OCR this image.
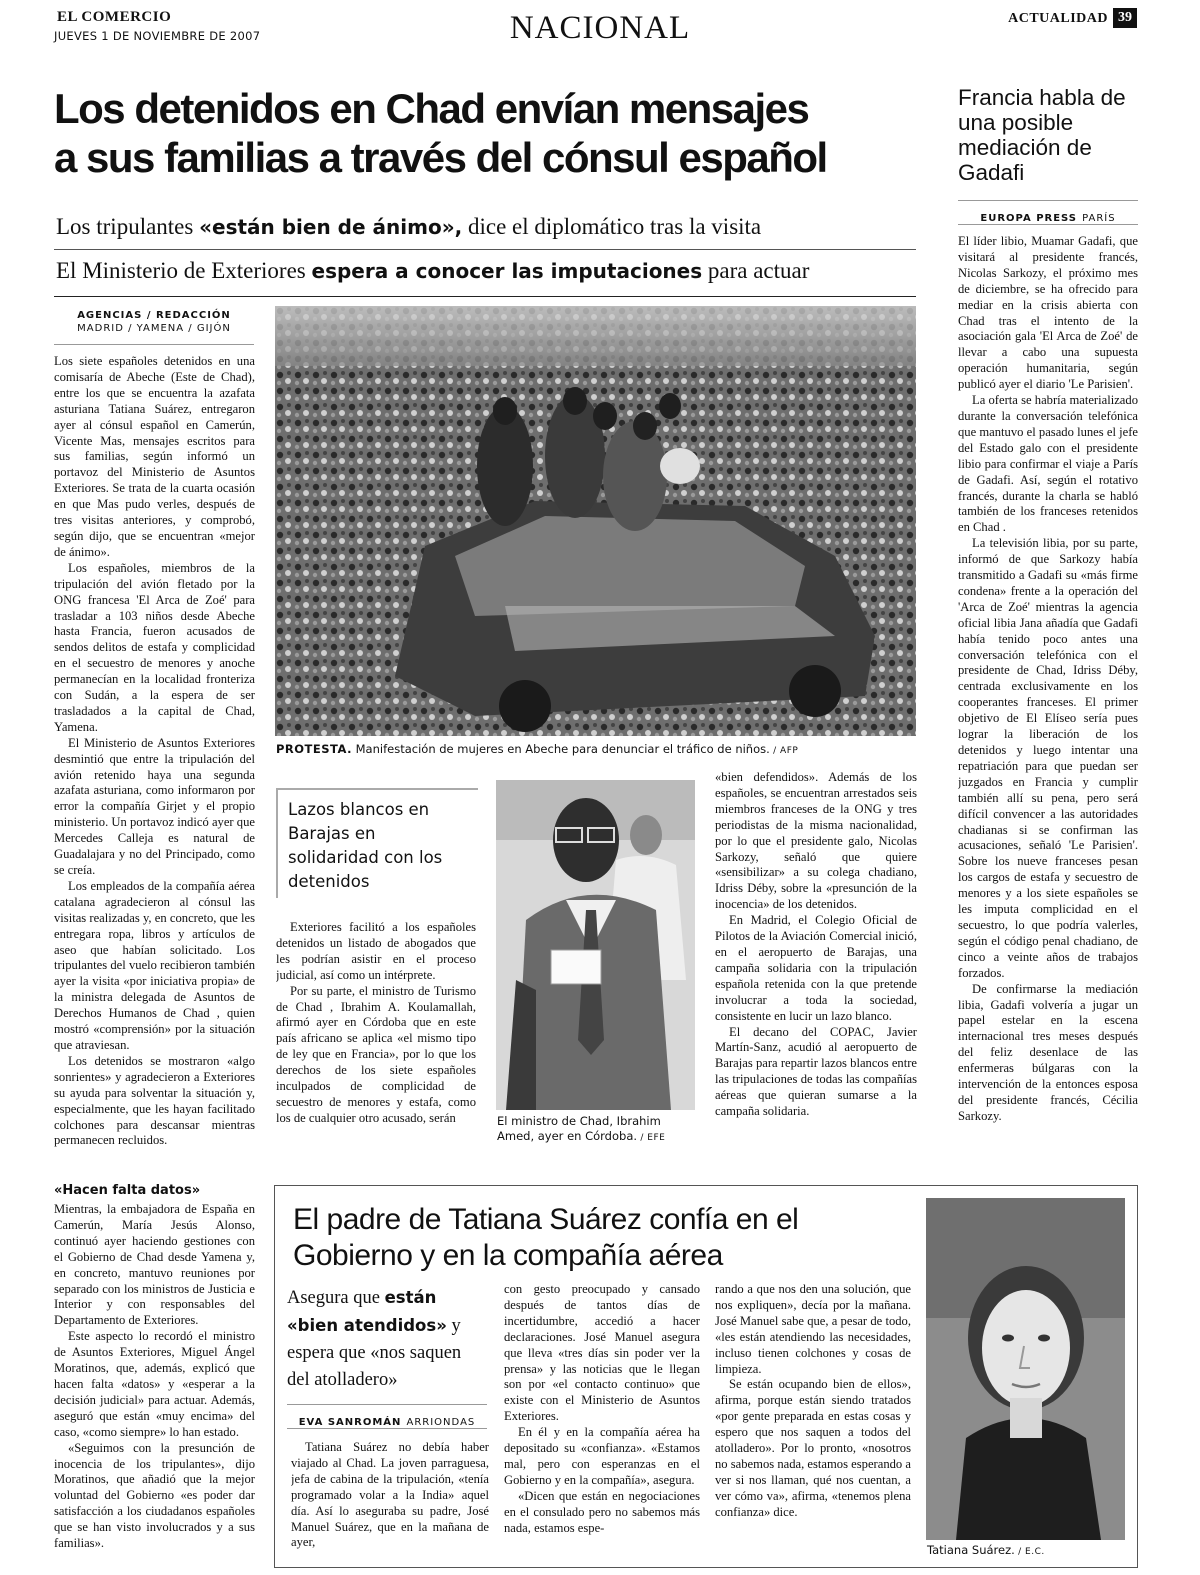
EL COMERCIO
JUEVES 1 DE NOVIEMBRE DE 2007	NACIONAL	ACTUALIDAD 39
Los detenidos en Chad envían mensajes
a sus familias a través del cónsul español
Los tripulantes «están bien de ánimo», dice el diplomático tras la visita
El Ministerio de Exteriores espera a conocer las imputaciones para actuar
AGENCIAS / REDACCIÓN
MADRID / YAMENA / GIJÓN

Los siete españoles detenidos en una comisaría de Abeche (Este de Chad), entre los que se encuentra la azafata asturiana Tatiana Suárez, entregaron ayer al cónsul español en Camerún, Vicente Mas, mensajes escritos para sus familias, según informó un portavoz del Ministerio de Asuntos Exteriores. Se trata de la cuarta ocasión en que Mas pudo verles, después de tres visitas anteriores, y comprobó, según dijo, que se encuentran «mejor de ánimo».

Los españoles, miembros de la tripulación del avión fletado por la ONG francesa 'El Arca de Zoé' para trasladar a 103 niños desde Abeche hasta Francia, fueron acusados de sendos delitos de estafa y complicidad en el secuestro de menores y anoche permanecían en la localidad fronteriza con Sudán, a la espera de ser trasladados a la capital de Chad, Yamena.

El Ministerio de Asuntos Exteriores desmintió que entre la tripulación del avión retenido haya una segunda azafata asturiana, como informaron por error la compañía Girjet y el propio ministerio. Un portavoz indicó ayer que Mercedes Calleja es natural de Guadalajara y no del Principado, como se creía.

Los empleados de la compañía aérea catalana agradecieron al cónsul las visitas realizadas y, en concreto, que les entregara ropa, libros y artículos de aseo que habían solicitado. Los tripulantes del vuelo recibieron también ayer la visita «por iniciativa propia» de la ministra delegada de Asuntos de Derechos Humanos de Chad , quien mostró «comprensión» por la situación que atraviesan.

Los detenidos se mostraron «algo sonrientes» y agradecieron a Exteriores su ayuda para solventar la situación y, especialmente, que les hayan facilitado colchones para descansar mientras permanecen recluidos.

«Hacen falta datos»

Mientras, la embajadora de España en Camerún, María Jesús Alonso, continuó ayer haciendo gestiones con el Gobierno de Chad desde Yamena y, en concreto, mantuvo reuniones por separado con los ministros de Justicia e Interior y con responsables del Departamento de Exteriores.

Este aspecto lo recordó el ministro de Asuntos Exteriores, Miguel Ángel Moratinos, que, además, explicó que hacen falta «datos» y «esperar a la decisión judicial» para actuar. Además, aseguró que están «muy encima» del caso, «como siempre» lo han estado.

«Seguimos con la presunción de inocencia de los tripulantes», dijo Moratinos, que añadió que la mejor voluntad del Gobierno «es poder dar satisfacción a los ciudadanos españoles que se han visto involucrados y a sus familias».

PROTESTA. Manifestación de mujeres en Abeche para denunciar el tráfico de niños. / AFP
Lazos blancos en Barajas en solidaridad con los detenidos

Exteriores facilitó a los españoles detenidos un listado de abogados que les podrían asistir en el proceso judicial, así como un intérprete.

Por su parte, el ministro de Turismo de Chad , Ibrahim A. Koulamallah, afirmó ayer en Córdoba que en este país africano se aplica «el mismo tipo de ley que en Francia», por lo que los derechos de los siete españoles inculpados de complicidad de secuestro de menores y estafa, como los de cualquier otro acusado, serán	El ministro de Chad, Ibrahim Amed, ayer en Córdoba. / EFE

«bien defendidos». Además de los españoles, se encuentran arrestados seis miembros franceses de la ONG y tres periodistas de la misma nacionalidad, por lo que el presidente galo, Nicolas Sarkozy, señaló que quiere «sensibilizar» a su colega chadiano, Idriss Déby, sobre la «presunción de la inocencia» de los detenidos.

En Madrid, el Colegio Oficial de Pilotos de la Aviación Comercial inició, en el aeropuerto de Barajas, una campaña solidaria con la tripulación española retenida con la que pretende involucrar a toda la sociedad, consistente en lucir un lazo blanco.

El decano del COPAC, Javier Martín-Sanz, acudió al aeropuerto de Barajas para repartir lazos blancos entre las tripulaciones de todas las compañías aéreas que quieran sumarse a la campaña solidaria.

Francia habla de una posible mediación de Gadafi
EUROPA PRESS PARÍS

El líder libio, Muamar Gadafi, que visitará al presidente francés, Nicolas Sarkozy, el próximo mes de diciembre, se ha ofrecido para mediar en la crisis abierta con Chad tras el intento de la asociación gala 'El Arca de Zoé' de llevar a cabo una supuesta operación humanitaria, según publicó ayer el diario 'Le Parisien'.

La oferta se habría materializado durante la conversación telefónica que mantuvo el pasado lunes el jefe del Estado galo con el presidente libio para confirmar el viaje a París de Gadafi. Así, según el rotativo francés, durante la charla se habló también de los franceses retenidos en Chad .

La televisión libia, por su parte, informó de que Sarkozy había transmitido a Gadafi su «más firme condena» frente a la operación del 'Arca de Zoé' mientras la agencia oficial libia Jana añadía que Gadafi había tenido poco antes una conversación telefónica con el presidente de Chad, Idriss Déby, centrada exclusivamente en los cooperantes franceses. El primer objetivo de El Elíseo sería pues lograr la liberación de los detenidos y luego intentar una repatriación para que puedan ser juzgados en Francia y cumplir también allí su pena, pero será difícil convencer a las autoridades chadianas si se confirman las acusaciones, señaló 'Le Parisien'. Sobre los nueve franceses pesan los cargos de estafa y secuestro de menores y a los siete españoles se les imputa complicidad en el secuestro, lo que podría valerles, según el código penal chadiano, de cinco a veinte años de trabajos forzados.

De confirmarse la mediación libia, Gadafi volvería a jugar un papel estelar en la escena internacional tres meses después del feliz desenlace de las enfermeras búlgaras con la intervención de la entonces esposa del presidente francés, Cécilia Sarkozy.

El padre de Tatiana Suárez confía en el Gobierno y en la compañía aérea
Asegura que están «bien atendidos» y espera que «nos saquen del atolladero»
EVA SANROMÁN ARRIONDAS

Tatiana Suárez no debía haber viajado al Chad. La joven parraguesa, jefa de cabina de la tripulación, «tenía programado volar a la India» aquel día. Así lo aseguraba su padre, José Manuel Suárez, que en la mañana de ayer,

con gesto preocupado y cansado después de tantos días de incertidumbre, accedió a hacer declaraciones. José Manuel asegura que lleva «tres días sin poder ver la prensa» y las noticias que le llegan son por «el contacto continuo» que existe con el Ministerio de Asuntos Exteriores.

En él y en la compañía aérea ha depositado su «confianza». «Estamos mal, pero con esperanzas en el Gobierno y en la compañía», asegura.

«Dicen que están en negociaciones en el consulado pero no sabemos más nada, estamos espe-

rando a que nos den una solución, que nos expliquen», decía por la mañana. José Manuel sabe que, a pesar de todo, «les están atendiendo las necesidades, incluso tienen colchones y cosas de limpieza.

Se están ocupando bien de ellos», afirma, porque están siendo tratados «por gente preparada en estas cosas y espero que nos saquen a todos del atolladero». Por lo pronto, «nosotros no sabemos nada, estamos esperando a ver si nos llaman, qué nos cuentan, a ver cómo va», afirma, «tenemos plena confianza» dice.

Tatiana Suárez. / E.C.
